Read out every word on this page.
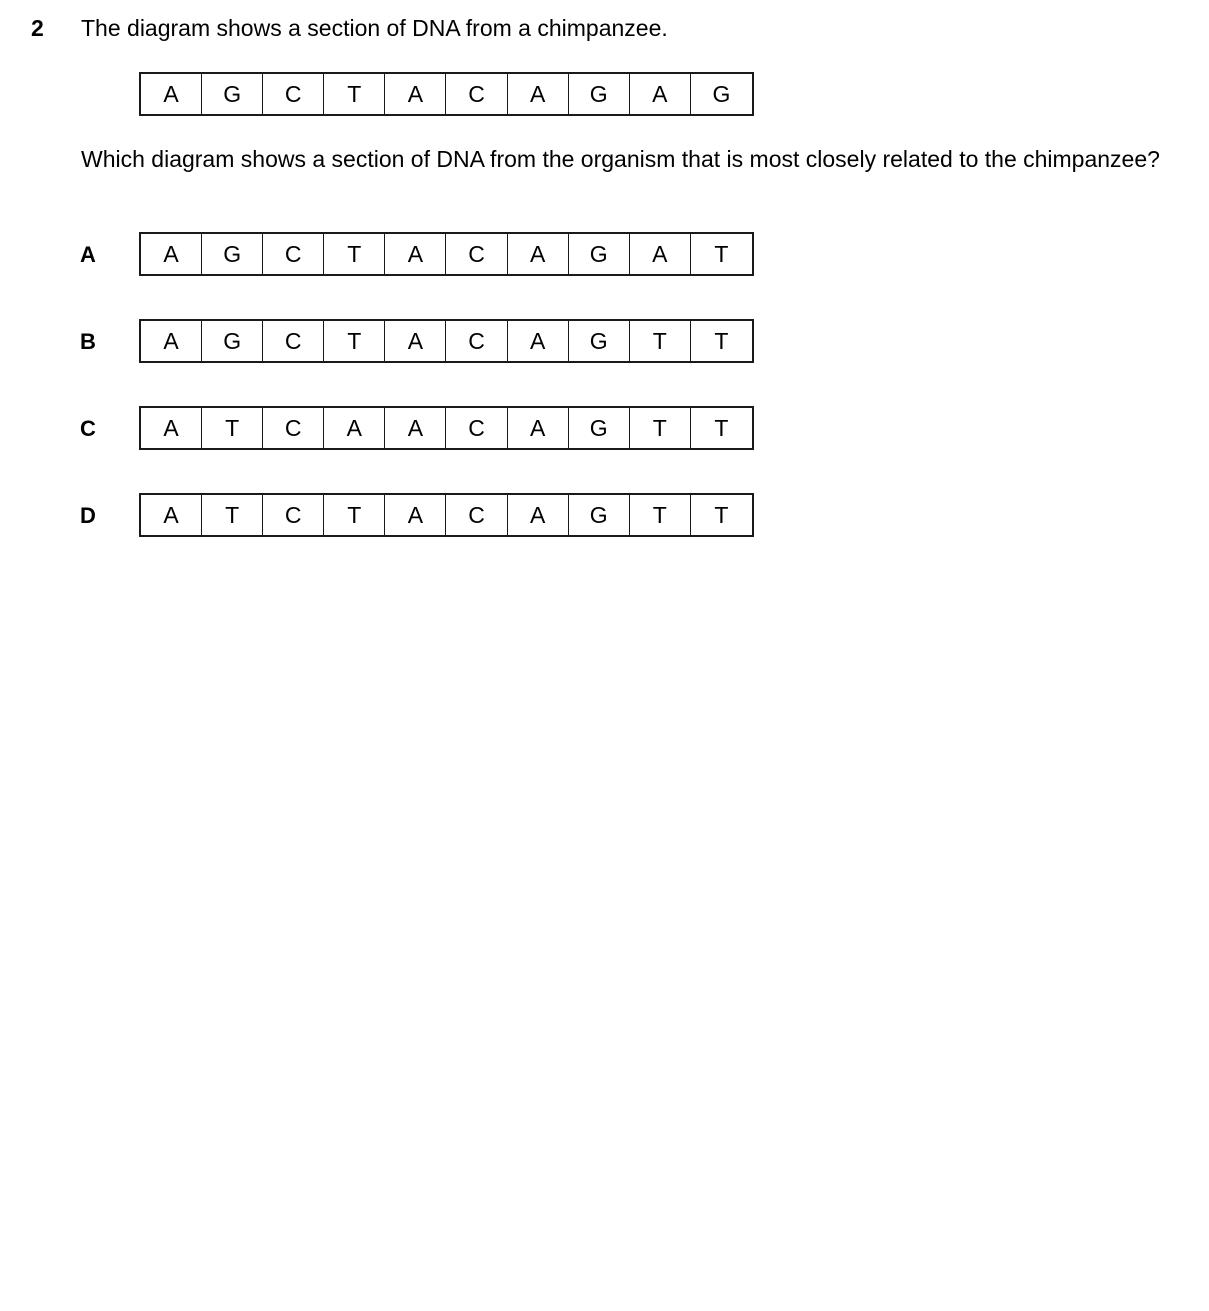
2 The diagram shows a section of DNA from a chimpanzee.
A	G	C	T	A	C	A	G	A	G
Which diagram shows a section of DNA from the organism that is most closely related to the chimpanzee?
A	A	G	C	T	A	C	A	G	A	T
B	A	G	C	T	A	C	A	G	T	T
C	A	T	C	A	A	C	A	G	T	T
D	A	T	C	T	A	C	A	G	T	T
